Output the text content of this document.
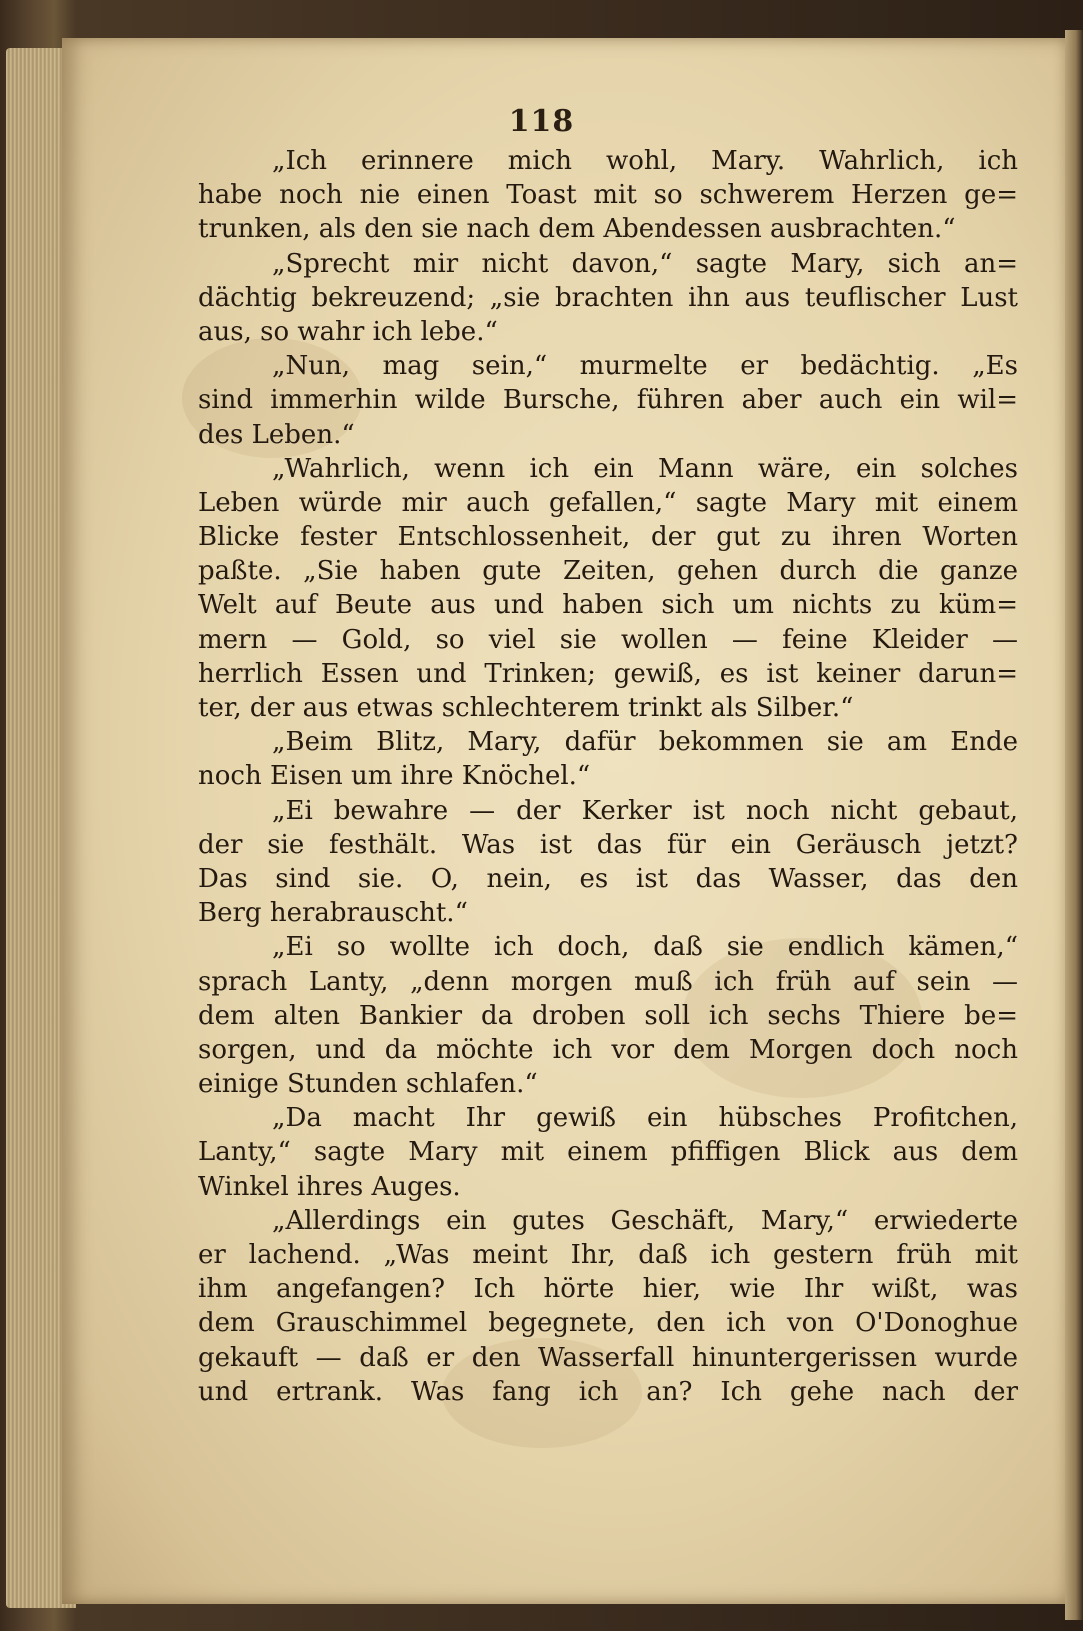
118
„Ich erinnere mich wohl, Mary. Wahrlich, ich
habe noch nie einen Toast mit so schwerem Herzen ge=
trunken, als den sie nach dem Abendessen ausbrachten.“
„Sprecht mir nicht davon,“ sagte Mary, sich an=
dächtig bekreuzend; „sie brachten ihn aus teuflischer Lust
aus, so wahr ich lebe.“
„Nun, mag sein,“ murmelte er bedächtig. „Es
sind immerhin wilde Bursche, führen aber auch ein wil=
des Leben.“
„Wahrlich, wenn ich ein Mann wäre, ein solches
Leben würde mir auch gefallen,“ sagte Mary mit einem
Blicke fester Entschlossenheit, der gut zu ihren Worten
paßte. „Sie haben gute Zeiten, gehen durch die ganze
Welt auf Beute aus und haben sich um nichts zu küm=
mern — Gold, so viel sie wollen — feine Kleider —
herrlich Essen und Trinken; gewiß, es ist keiner darun=
ter, der aus etwas schlechterem trinkt als Silber.“
„Beim Blitz, Mary, dafür bekommen sie am Ende
noch Eisen um ihre Knöchel.“
„Ei bewahre — der Kerker ist noch nicht gebaut,
der sie festhält. Was ist das für ein Geräusch jetzt?
Das sind sie. O, nein, es ist das Wasser, das den
Berg herabrauscht.“
„Ei so wollte ich doch, daß sie endlich kämen,“
sprach Lanty, „denn morgen muß ich früh auf sein —
dem alten Bankier da droben soll ich sechs Thiere be=
sorgen, und da möchte ich vor dem Morgen doch noch
einige Stunden schlafen.“
„Da macht Ihr gewiß ein hübsches Profitchen,
Lanty,“ sagte Mary mit einem pfiffigen Blick aus dem
Winkel ihres Auges.
„Allerdings ein gutes Geschäft, Mary,“ erwiederte
er lachend. „Was meint Ihr, daß ich gestern früh mit
ihm angefangen? Ich hörte hier, wie Ihr wißt, was
dem Grauschimmel begegnete, den ich von O'Donoghue
gekauft — daß er den Wasserfall hinuntergerissen wurde
und ertrank. Was fang ich an? Ich gehe nach der
